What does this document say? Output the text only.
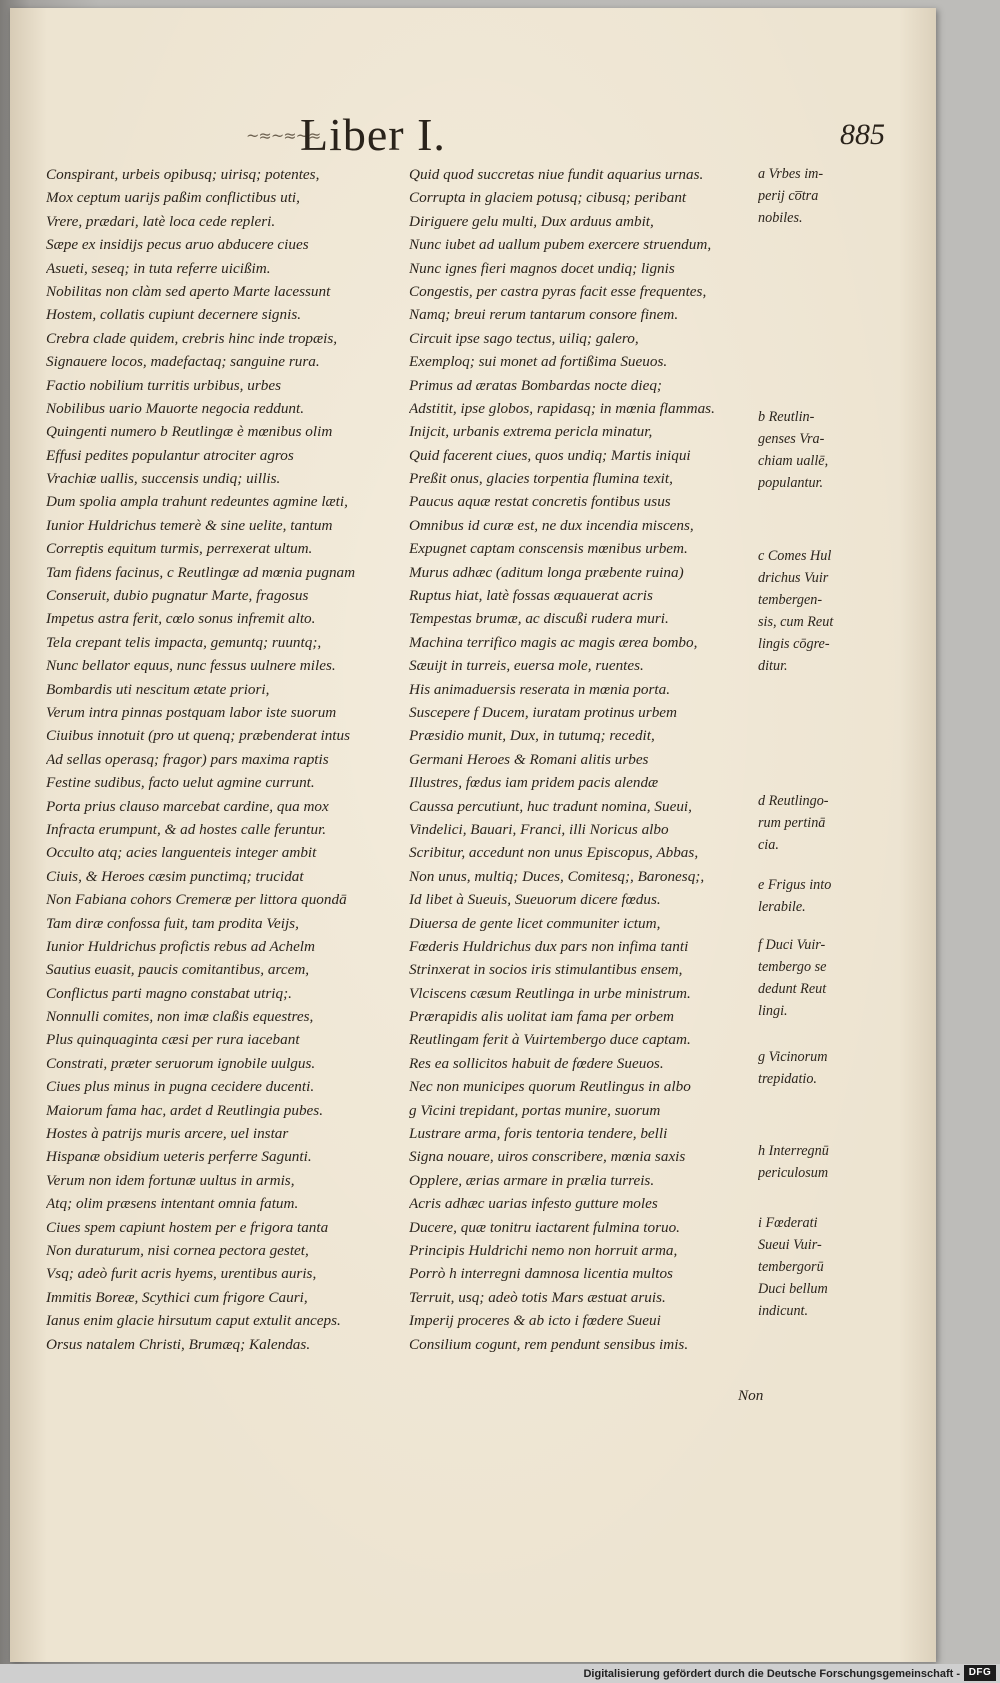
~≈~≈~≈
Liber I.	885
Conspirant, urbeis opibusq; uirisq; potentes,
Mox ceptum uarijs paßim conflictibus uti,
Vrere, prædari, latè loca cede repleri.
Sæpe ex insidijs pecus aruo abducere ciues
Asueti, seseq; in tuta referre uicißim.
Nobilitas non clàm sed aperto Marte lacessunt
Hostem, collatis cupiunt decernere signis.
Crebra clade quidem, crebris hinc inde tropæis,
Signauere locos, madefactaq; sanguine rura.
Factio nobilium turritis urbibus, urbes
Nobilibus uario Mauorte negocia reddunt.
Quingenti numero b Reutlingæ è mœnibus olim
Effusi pedites populantur atrociter agros
Vrachiæ uallis, succensis undiq; uillis.
Dum spolia ampla trahunt redeuntes agmine læti,
Iunior Huldrichus temerè & sine uelite, tantum
Correptis equitum turmis, perrexerat ultum.
Tam fidens facinus, c Reutlingæ ad mœnia pugnam
Conseruit, dubio pugnatur Marte, fragosus
Impetus astra ferit, cœlo sonus infremit alto.
Tela crepant telis impacta, gemuntq; ruuntq;,
Nunc bellator equus, nunc fessus uulnere miles.
Bombardis uti nescitum ætate priori,
Verum intra pinnas postquam labor iste suorum
Ciuibus innotuit (pro ut quenq; præbenderat intus
Ad sellas operasq; fragor) pars maxima raptis
Festine sudibus, facto uelut agmine currunt.
Porta prius clauso marcebat cardine, qua mox
Infracta erumpunt, & ad hostes calle feruntur.
Occulto atq; acies languenteis integer ambit
Ciuis, & Heroes cæsim punctimq; trucidat
Non Fabiana cohors Cremeræ per littora quondā
Tam diræ confossa fuit, tam prodita Veijs,
Iunior Huldrichus profictis rebus ad Achelm
Sautius euasit, paucis comitantibus, arcem,
Conflictus parti magno constabat utriq;.
Nonnulli comites, non imæ claßis equestres,
Plus quinquaginta cæsi per rura iacebant
Constrati, præter seruorum ignobile uulgus.
Ciues plus minus in pugna cecidere ducenti.
Maiorum fama hac, ardet d Reutlingia pubes.
Hostes à patrijs muris arcere, uel instar
Hispanæ obsidium ueteris perferre Sagunti.
Verum non idem fortunæ uultus in armis,
Atq; olim præsens intentant omnia fatum.
Ciues spem capiunt hostem per e frigora tanta
Non duraturum, nisi cornea pectora gestet,
Vsq; adeò furit acris hyems, urentibus auris,
Immitis Boreæ, Scythici cum frigore Cauri,
Ianus enim glacie hirsutum caput extulit anceps.
Orsus natalem Christi, Brumæq; Kalendas.
Quid quod succretas niue fundit aquarius urnas.
Corrupta in glaciem potusq; cibusq; peribant
Diriguere gelu multi, Dux arduus ambit,
Nunc iubet ad uallum pubem exercere struendum,
Nunc ignes fieri magnos docet undiq; lignis
Congestis, per castra pyras facit esse frequentes,
Namq; breui rerum tantarum consore finem.
Circuit ipse sago tectus, uiliq; galero,
Exemploq; sui monet ad fortißima Sueuos.
Primus ad æratas Bombardas nocte dieq;
Adstitit, ipse globos, rapidasq; in mœnia flammas.
Inijcit, urbanis extrema pericla minatur,
Quid facerent ciues, quos undiq; Martis iniqui
Preßit onus, glacies torpentia flumina texit,
Paucus aquæ restat concretis fontibus usus
Omnibus id curæ est, ne dux incendia miscens,
Expugnet captam conscensis mœnibus urbem.
Murus adhæc (aditum longa præbente ruina)
Ruptus hiat, latè fossas æquauerat acris
Tempestas brumæ, ac discußi rudera muri.
Machina terrifico magis ac magis ærea bombo,
Sæuijt in turreis, euersa mole, ruentes.
His animaduersis reserata in mœnia porta.
Suscepere f Ducem, iuratam protinus urbem
Præsidio munit, Dux, in tutumq; recedit,
Germani Heroes & Romani alitis urbes
Illustres, fœdus iam pridem pacis alendæ
Caussa percutiunt, huc tradunt nomina, Sueui,
Vindelici, Bauari, Franci, illi Noricus albo
Scribitur, accedunt non unus Episcopus, Abbas,
Non unus, multiq; Duces, Comitesq;, Baronesq;,
Id libet à Sueuis, Sueuorum dicere fœdus.
Diuersa de gente licet communiter ictum,
Fœderis Huldrichus dux pars non infima tanti
Strinxerat in socios iris stimulantibus ensem,
Vlciscens cæsum Reutlinga in urbe ministrum.
Prærapidis alis uolitat iam fama per orbem
Reutlingam ferit à Vuirtembergo duce captam.
Res ea sollicitos habuit de fœdere Sueuos.
Nec non municipes quorum Reutlingus in albo
g Vicini trepidant, portas munire, suorum
Lustrare arma, foris tentoria tendere, belli
Signa nouare, uiros conscribere, mœnia saxis
Opplere, ærias armare in prælia turreis.
Acris adhæc uarias infesto gutture moles
Ducere, quæ tonitru iactarent fulmina toruo.
Principis Huldrichi nemo non horruit arma,
Porrò h interregni damnosa licentia multos
Terruit, usq; adeò totis Mars æstuat aruis.
Imperij proceres & ab icto i fœdere Sueui
Consilium cogunt, rem pendunt sensibus imis.
a Vrbes im-
perij co̅tra
nobiles.
b Reutlin-
genses Vra-
chiam uallē,
populantur.
c Comes Hul
drichus Vuir
tembergen-
sis, cum Reut
lingis cōgre-
ditur.
d Reutlingo-
rum pertinā
cia.
e Frigus into
lerabile.
f Duci Vuir-
tembergo se
dedunt Reut
lingi.
g Vicinorum
trepidatio.
h Interregnū
periculosum
i Fœderati
Sueui Vuir-
tembergorū
Duci bellum
indicunt.
Non
Digitalisierung gefördert durch die Deutsche Forschungsgemeinschaft - DFG
